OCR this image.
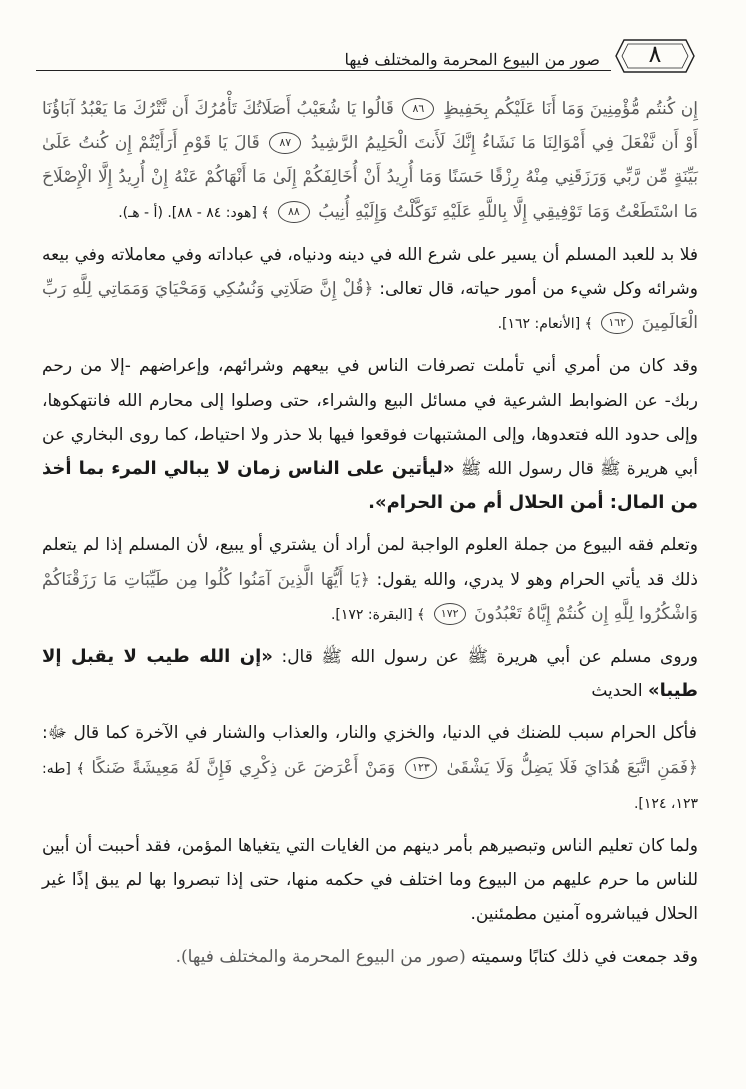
صور من البيوع المحرمة والمختلف فيها	٨

إِن كُنتُم مُّؤْمِنِينَ وَمَا أَنَا عَلَيْكُم بِحَفِيظٍ ٨٦ قَالُوا يَا شُعَيْبُ أَصَلَاتُكَ تَأْمُرُكَ أَن نَّتْرُكَ مَا يَعْبُدُ آبَاؤُنَا أَوْ أَن نَّفْعَلَ فِي أَمْوَالِنَا مَا نَشَاءُ إِنَّكَ لَأَنتَ الْحَلِيمُ الرَّشِيدُ ٨٧ قَالَ يَا قَوْمِ أَرَأَيْتُمْ إِن كُنتُ عَلَىٰ بَيِّنَةٍ مِّن رَّبِّي وَرَزَقَنِي مِنْهُ رِزْقًا حَسَنًا وَمَا أُرِيدُ أَنْ أُخَالِفَكُمْ إِلَىٰ مَا أَنْهَاكُمْ عَنْهُ إِنْ أُرِيدُ إِلَّا الْإِصْلَاحَ مَا اسْتَطَعْتُ وَمَا تَوْفِيقِي إِلَّا بِاللَّهِ عَلَيْهِ تَوَكَّلْتُ وَإِلَيْهِ أُنِيبُ ٨٨ ﴾ [هود: ٨٤ - ٨٨]. (أ - هـ).

فلا بد للعبد المسلم أن يسير على شرع الله في دينه ودنياه، في عباداته وفي معاملاته وفي بيعه وشرائه وكل شيء من أمور حياته، قال تعالى: ﴿قُلْ إِنَّ صَلَاتِي وَنُسُكِي وَمَحْيَايَ وَمَمَاتِي لِلَّهِ رَبِّ الْعَالَمِينَ ١٦٢ ﴾ [الأنعام: ١٦٢].

وقد كان من أمري أني تأملت تصرفات الناس في بيعهم وشرائهم، وإعراضهم -إلا من رحم ربك- عن الضوابط الشرعية في مسائل البيع والشراء، حتى وصلوا إلى محارم الله فانتهكوها، وإلى حدود الله فتعدوها، وإلى المشتبهات فوقعوا فيها بلا حذر ولا احتياط، كما روى البخاري عن أبي هريرة ﷺ قال رسول الله ﷺ «ليأتين على الناس زمان لا يبالي المرء بما أخذ من المال: أمن الحلال أم من الحرام».

وتعلم فقه البيوع من جملة العلوم الواجبة لمن أراد أن يشتري أو يبيع، لأن المسلم إذا لم يتعلم ذلك قد يأتي الحرام وهو لا يدري، والله يقول: ﴿يَا أَيُّهَا الَّذِينَ آمَنُوا كُلُوا مِن طَيِّبَاتِ مَا رَزَقْنَاكُمْ وَاشْكُرُوا لِلَّهِ إِن كُنتُمْ إِيَّاهُ تَعْبُدُونَ ١٧٢ ﴾ [البقرة: ١٧٢].

وروى مسلم عن أبي هريرة ﷺ عن رسول الله ﷺ قال: «إن الله طيب لا يقبل إلا طيبا» الحديث

فأكل الحرام سبب للضنك في الدنيا، والخزي والنار، والعذاب والشنار في الآخرة كما قال ﷻ: ﴿فَمَنِ اتَّبَعَ هُدَايَ فَلَا يَضِلُّ وَلَا يَشْقَىٰ ١٢٣ وَمَنْ أَعْرَضَ عَن ذِكْرِي فَإِنَّ لَهُ مَعِيشَةً ضَنكًا ﴾ [طه: ١٢٣، ١٢٤].

ولما كان تعليم الناس وتبصيرهم بأمر دينهم من الغايات التي يتغياها المؤمن، فقد أحببت أن أبين للناس ما حرم عليهم من البيوع وما اختلف في حكمه منها، حتى إذا تبصروا بها لم يبق إذًا غير الحلال فيباشروه آمنين مطمئنين.

وقد جمعت في ذلك كتابًا وسميته (صور من البيوع المحرمة والمختلف فيها).
